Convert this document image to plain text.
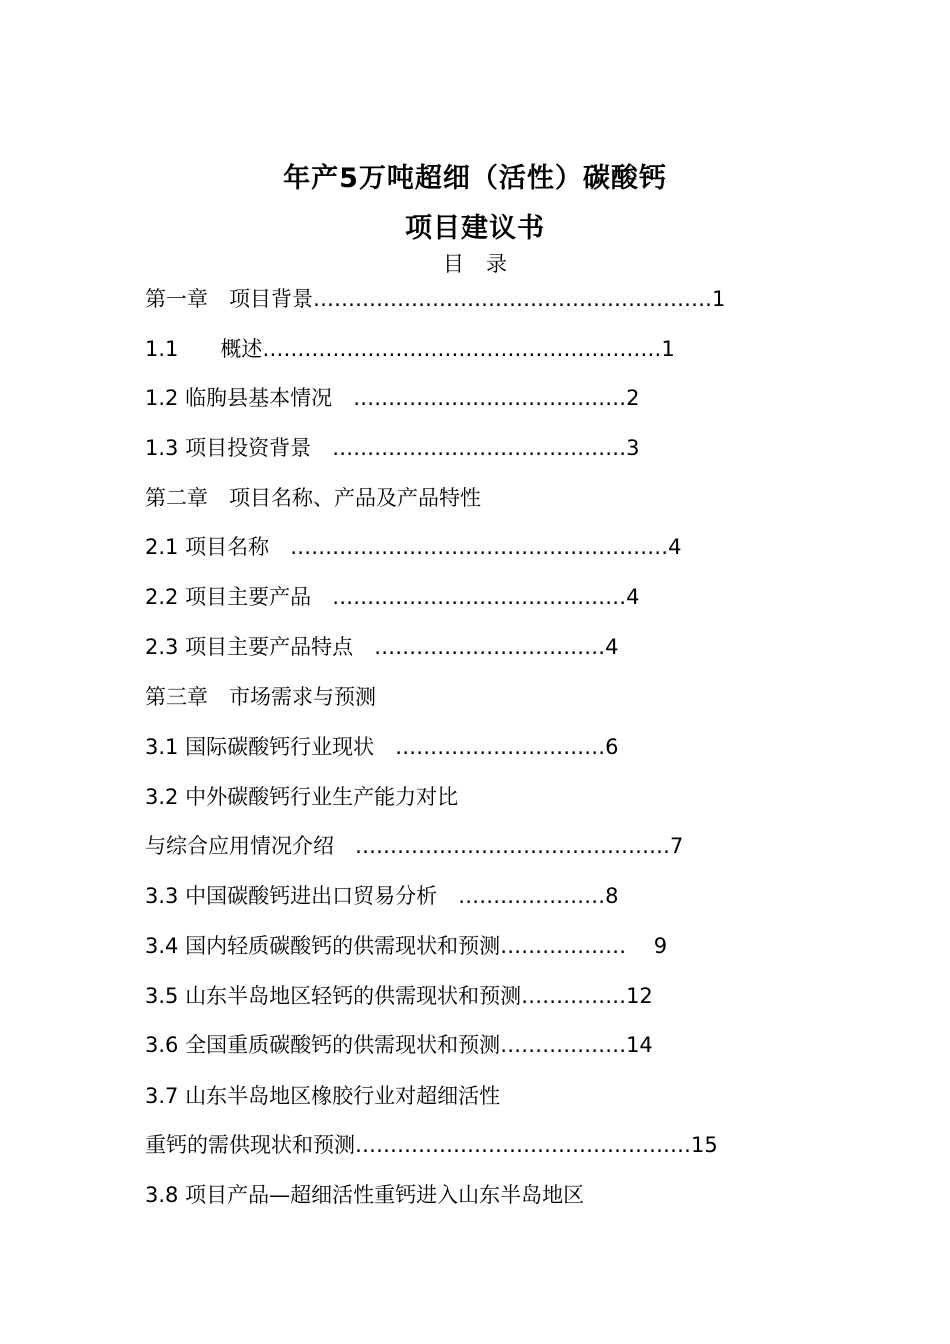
年产5万吨超细（活性）碳酸钙
项目建议书
目录
第一章　项目背景…………………………………………………1
1.1　　概述…………………………………………………1
1.2 临朐县基本情况　…………………………………2
1.3 项目投资背景　……………………………………3
第二章　项目名称、产品及产品特性
2.1 项目名称　………………………………………………4
2.2 项目主要产品　……………………………………4
2.3 项目主要产品特点　……………………………4
第三章　市场需求与预测
3.1 国际碳酸钙行业现状　…………………………6
3.2 中外碳酸钙行业生产能力对比
与综合应用情况介绍　………………………………………7
3.3 中国碳酸钙进出口贸易分析　…………………8
3.4 国内轻质碳酸钙的供需现状和预测………………　 9
3.5 山东半岛地区轻钙的供需现状和预测……………12
3.6 全国重质碳酸钙的供需现状和预测………………14
3.7 山东半岛地区橡胶行业对超细活性
重钙的需供现状和预测…………………………………………15
3.8 项目产品—超细活性重钙进入山东半岛地区
